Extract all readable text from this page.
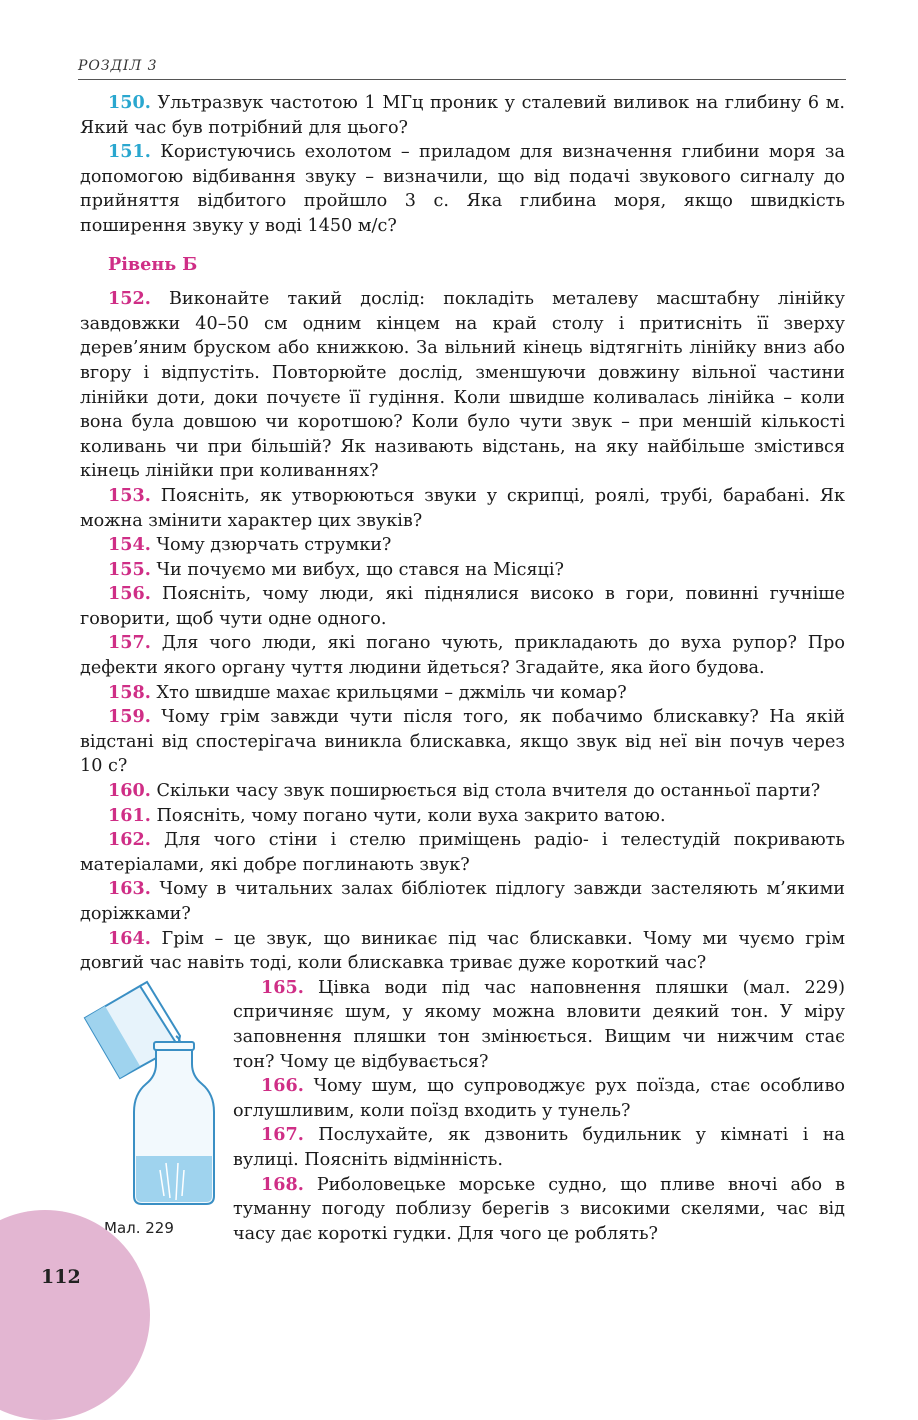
РОЗДІЛ 3

150. Ультразвук частотою 1 МГц проник у сталевий виливок на глибину 6 м. Який час був потрібний для цього?

151. Користуючись ехолотом – приладом для визначення глибини моря за допомогою відбивання звуку – визначили, що від подачі звукового сигналу до прийняття відбитого пройшло 3 с. Яка глибина моря, якщо швидкість поширення звуку у воді 1450 м/с?

Рівень Б

152. Виконайте такий дослід: покладіть металеву масштабну лінійку завдовжки 40–50 см одним кінцем на край столу і притисніть її зверху дерев’яним бруском або книжкою. За вільний кінець відтягніть лінійку вниз або вгору і відпустіть. Повторюйте дослід, зменшуючи довжину вільної частини лінійки доти, доки почуєте її гудіння. Коли швидше коливалась лінійка – коли вона була довшою чи коротшою? Коли було чути звук – при меншій кількості коливань чи при більшій? Як називають відстань, на яку найбільше змістився кінець лінійки при коливаннях?

153. Поясніть, як утворюються звуки у скрипці, роялі, трубі, барабані. Як можна змінити характер цих звуків?

154. Чому дзюрчать струмки?

155. Чи почуємо ми вибух, що стався на Місяці?

156. Поясніть, чому люди, які піднялися високо в гори, повинні гучніше говорити, щоб чути одне одного.

157. Для чого люди, які погано чують, прикладають до вуха рупор? Про дефекти якого органу чуття людини йдеться? Згадайте, яка його будова.

158. Хто швидше махає крильцями – джміль чи комар?

159. Чому грім завжди чути після того, як побачимо блискавку? На якій відстані від спостерігача виникла блискавка, якщо звук від неї він почув через 10 с?

160. Скільки часу звук поширюється від стола вчителя до останньої парти?

161. Поясніть, чому погано чути, коли вуха закрито ватою.

162. Для чого стіни і стелю приміщень радіо- і телестудій покривають матеріалами, які добре поглинають звук?

163. Чому в читальних залах бібліотек підлогу завжди застеляють м’якими доріжками?

164. Грім – це звук, що виникає під час блискавки. Чому ми чуємо грім довгий час навіть тоді, коли блискавка триває дуже короткий час?

Мал. 229

165. Цівка води під час наповнення пляшки (мал. 229) спричиняє шум, у якому можна вловити деякий тон. У міру заповнення пляшки тон змінюється. Вищим чи нижчим стає тон? Чому це відбувається?

166. Чому шум, що супроводжує рух поїзда, стає особливо оглушливим, коли поїзд входить у тунель?

167. Послухайте, як дзвонить будильник у кімнаті і на вулиці. Поясніть відмінність.

168. Риболовецьке морське судно, що пливе вночі або в туманну погоду поблизу берегів з високими скелями, час від часу дає короткі гудки. Для чого це роблять?

112
